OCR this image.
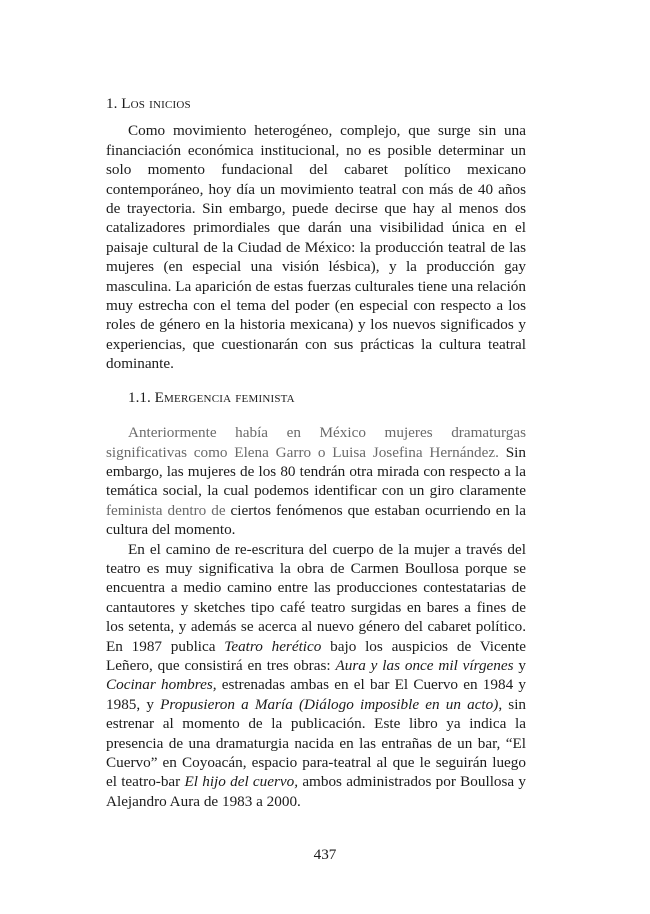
1. Los inicios

Como movimiento heterogéneo, complejo, que surge sin una financiación económica institucional, no es posible determinar un solo momento fundacional del cabaret político mexicano contemporáneo, hoy día un movimiento teatral con más de 40 años de trayectoria. Sin embargo, puede decirse que hay al menos dos catalizadores primordiales que darán una visibilidad única en el paisaje cultural de la Ciudad de México: la producción teatral de las mujeres (en especial una visión lésbica), y la producción gay masculina. La aparición de estas fuerzas culturales tiene una relación muy estrecha con el tema del poder (en especial con respecto a los roles de género en la historia mexicana) y los nuevos significados y experiencias, que cuestionarán con sus prácticas la cultura teatral dominante.

1.1. Emergencia feminista

Anteriormente había en México mujeres dramaturgas significativas como Elena Garro o Luisa Josefina Hernández. Sin embargo, las mujeres de los 80 tendrán otra mirada con respecto a la temática social, la cual podemos identificar con un giro claramente feminista dentro de ciertos fenómenos que estaban ocurriendo en la cultura del momento.

En el camino de re-escritura del cuerpo de la mujer a través del teatro es muy significativa la obra de Carmen Boullosa porque se encuentra a medio camino entre las producciones contestatarias de cantautores y sketches tipo café teatro surgidas en bares a fines de los setenta, y además se acerca al nuevo género del cabaret político. En 1987 publica Teatro herético bajo los auspicios de Vicente Leñero, que consistirá en tres obras: Aura y las once mil vírgenes y Cocinar hombres, estrenadas ambas en el bar El Cuervo en 1984 y 1985, y Propusieron a María (Diálogo imposible en un acto), sin estrenar al momento de la publicación. Este libro ya indica la presencia de una dramaturgia nacida en las entrañas de un bar, “El Cuervo” en Coyoacán, espacio para-teatral al que le seguirán luego el teatro-bar El hijo del cuervo, ambos administrados por Boullosa y Alejandro Aura de 1983 a 2000.

437
